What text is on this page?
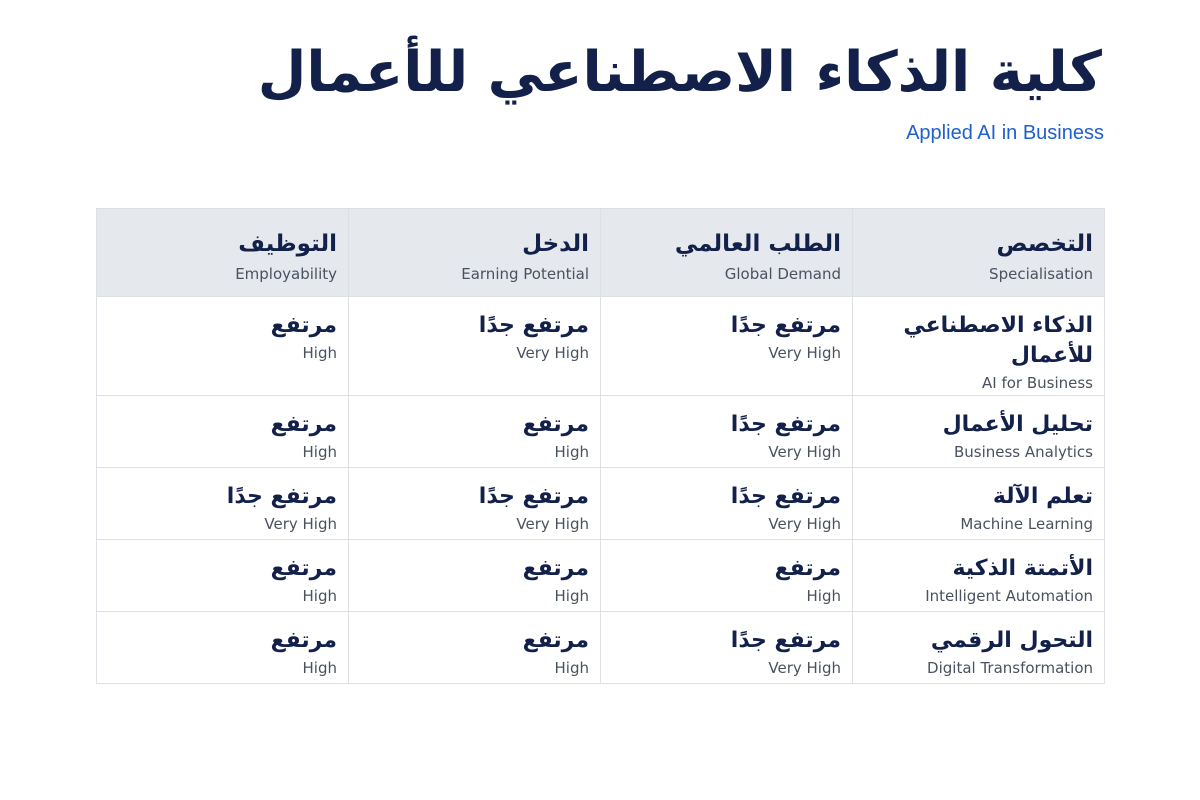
كلية الذكاء الاصطناعي للأعمال
Applied AI in Business
التخصص
Specialisation	الطلب العالمي
Global Demand	الدخل
Earning Potential	التوظيف
Employability

الذكاء الاصطناعي للأعمال
AI for Business	مرتفع جدًا
Very High	مرتفع جدًا
Very High	مرتفع
High

تحليل الأعمال
Business Analytics	مرتفع جدًا
Very High	مرتفع
High	مرتفع
High

تعلم الآلة
Machine Learning	مرتفع جدًا
Very High	مرتفع جدًا
Very High	مرتفع جدًا
Very High

الأتمتة الذكية
Intelligent Automation	مرتفع
High	مرتفع
High	مرتفع
High

التحول الرقمي
Digital Transformation	مرتفع جدًا
Very High	مرتفع
High	مرتفع
High
